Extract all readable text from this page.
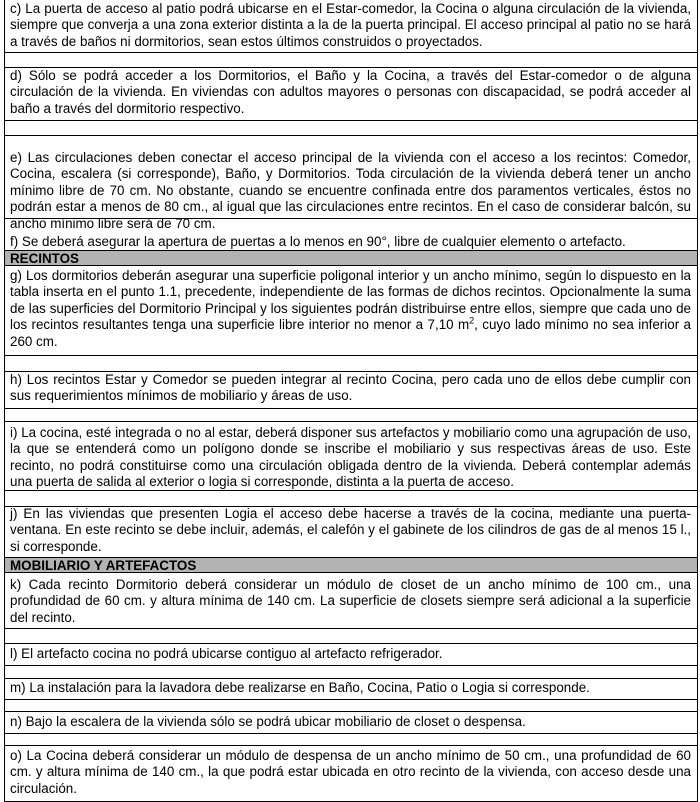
c) La puerta de acceso al patio podrá ubicarse en el Estar-comedor, la Cocina o alguna circulación de la vivienda, siempre que converja a una zona exterior distinta a la de la puerta principal. El acceso principal al patio no se hará a través de baños ni dormitorios, sean estos últimos construidos o proyectados.
d) Sólo se podrá acceder a los Dormitorios, el Baño y la Cocina, a través del Estar-comedor o de alguna circulación de la vivienda. En viviendas con adultos mayores o personas con discapacidad, se podrá acceder al baño a través del dormitorio respectivo.
e) Las circulaciones deben conectar el acceso principal de la vivienda con el acceso a los recintos: Comedor, Cocina, escalera (si corresponde), Baño, y Dormitorios. Toda circulación de la vivienda deberá tener un ancho mínimo libre de 70 cm. No obstante, cuando se encuentre confinada entre dos paramentos verticales, éstos no podrán estar a menos de 80 cm., al igual que las circulaciones entre recintos. En el caso de considerar balcón, su ancho mínimo libre será de 70 cm.
f) Se deberá asegurar la apertura de puertas a lo menos en 90°, libre de cualquier elemento o artefacto.
RECINTOS
g) Los dormitorios deberán asegurar una superficie poligonal interior y un ancho mínimo, según lo dispuesto en la tabla inserta en el punto 1.1, precedente, independiente de las formas de dichos recintos. Opcionalmente la suma de las superficies del Dormitorio Principal y los siguientes podrán distribuirse entre ellos, siempre que cada uno de los recintos resultantes tenga una superficie libre interior no menor a 7,10 $m^2$, cuyo lado mínimo no sea inferior a 260 cm.
h) Los recintos Estar y Comedor se pueden integrar al recinto Cocina, pero cada uno de ellos debe cumplir con sus requerimientos mínimos de mobiliario y áreas de uso.
i) La cocina, esté integrada o no al estar, deberá disponer sus artefactos y mobiliario como una agrupación de uso, la que se entenderá como un polígono donde se inscribe el mobiliario y sus respectivas áreas de uso. Este recinto, no podrá constituirse como una circulación obligada dentro de la vivienda. Deberá contemplar además una puerta de salida al exterior o logia si corresponde, distinta a la puerta de acceso.
j) En las viviendas que presenten Logia el acceso debe hacerse a través de la cocina, mediante una puerta-ventana. En este recinto se debe incluir, además, el calefón y el gabinete de los cilindros de gas de al menos 15 l., si corresponde.
MOBILIARIO Y ARTEFACTOS
k) Cada recinto Dormitorio deberá considerar un módulo de closet de un ancho mínimo de 100 cm., una profundidad de 60 cm. y altura mínima de 140 cm. La superficie de closets siempre será adicional a la superficie del recinto.
l) El artefacto cocina no podrá ubicarse contiguo al artefacto refrigerador.
m) La instalación para la lavadora debe realizarse en Baño, Cocina, Patio o Logia si corresponde.
n) Bajo la escalera de la vivienda sólo se podrá ubicar mobiliario de closet o despensa.
o) La Cocina deberá considerar un módulo de despensa de un ancho mínimo de 50 cm., una profundidad de 60 cm. y altura mínima de 140 cm., la que podrá estar ubicada en otro recinto de la vivienda, con acceso desde una circulación.
